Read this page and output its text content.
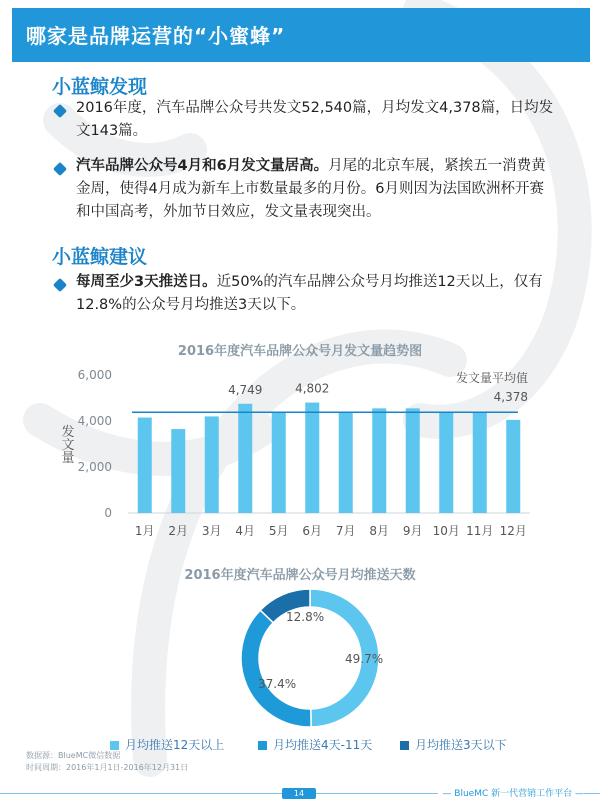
哪家是品牌运营的“小蜜蜂”
小蓝鲸发现
2016年度，汽车品牌公众号共发文52,540篇，月均发文4,378篇，日均发文143篇。
汽车品牌公众号4月和6月发文量居高。月尾的北京车展，紧挨五一消费黄金周，使得4月成为新车上市数量最多的月份。6月则因为法国欧洲杯开赛和中国高考，外加节日效应，发文量表现突出。
小蓝鲸建议
每周至少3天推送日。近50%的汽车品牌公众号月均推送12天以上，仅有12.8%的公众号月均推送3天以下。
2016年度汽车品牌公众号月发文量趋势图
0
2,000
4,000
6,000
发文量
1月 2月 3月 4月 5月 6月 7月 8月 9月 10月 11月 12月
4,749	4,802
发文量平均值
4,378
2016年度汽车品牌公众号月均推送天数
49.7%
37.4%
12.8%
月均推送12天以上	月均推送4天-11天	月均推送3天以下
数据源：BlueMC微信数据
时间周期：2016年1月1日-2016年12月31日
14	— BlueMC 新一代营销工作平台 —
